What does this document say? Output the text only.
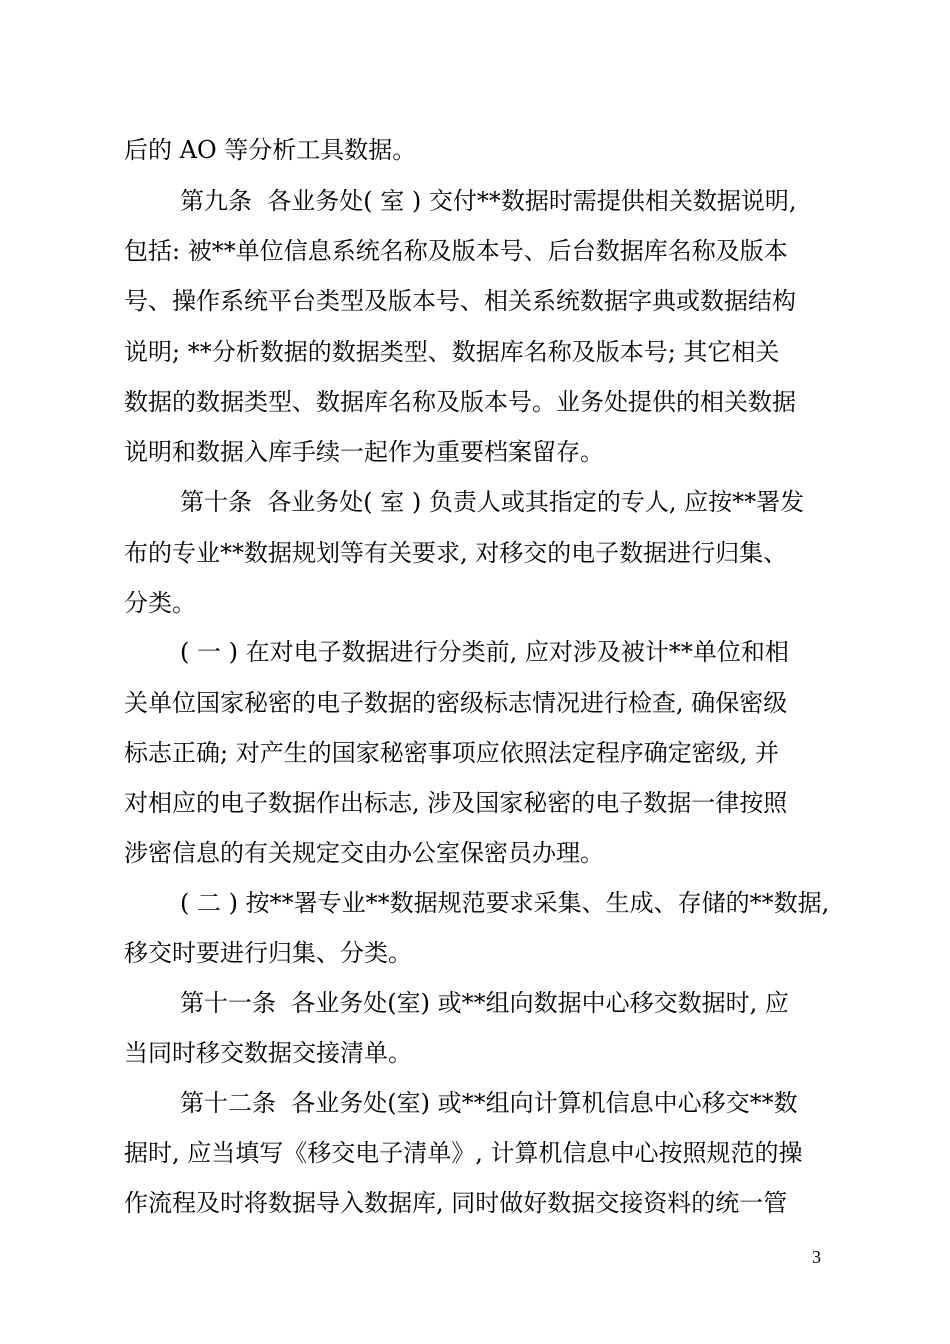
后的 AO 等分析工具数据。
第九条  各业务处( 室 ) 交付**数据时需提供相关数据说明,
包括: 被**单位信息系统名称及版本号、后台数据库名称及版本
号、操作系统平台类型及版本号、相关系统数据字典或数据结构
说明; **分析数据的数据类型、数据库名称及版本号; 其它相关
数据的数据类型、数据库名称及版本号。业务处提供的相关数据
说明和数据入库手续一起作为重要档案留存。
第十条  各业务处( 室 ) 负责人或其指定的专人, 应按**署发
布的专业**数据规划等有关要求, 对移交的电子数据进行归集、
分类。
( 一 ) 在对电子数据进行分类前, 应对涉及被计**单位和相
关单位国家秘密的电子数据的密级标志情况进行检查, 确保密级
标志正确; 对产生的国家秘密事项应依照法定程序确定密级, 并
对相应的电子数据作出标志, 涉及国家秘密的电子数据一律按照
涉密信息的有关规定交由办公室保密员办理。
( 二 ) 按**署专业**数据规范要求采集、生成、存储的**数据,
移交时要进行归集、分类。
第十一条  各业务处(室) 或**组向数据中心移交数据时, 应
当同时移交数据交接清单。
第十二条  各业务处(室) 或**组向计算机信息中心移交**数
据时, 应当填写《移交电子清单》, 计算机信息中心按照规范的操
作流程及时将数据导入数据库, 同时做好数据交接资料的统一管
3
